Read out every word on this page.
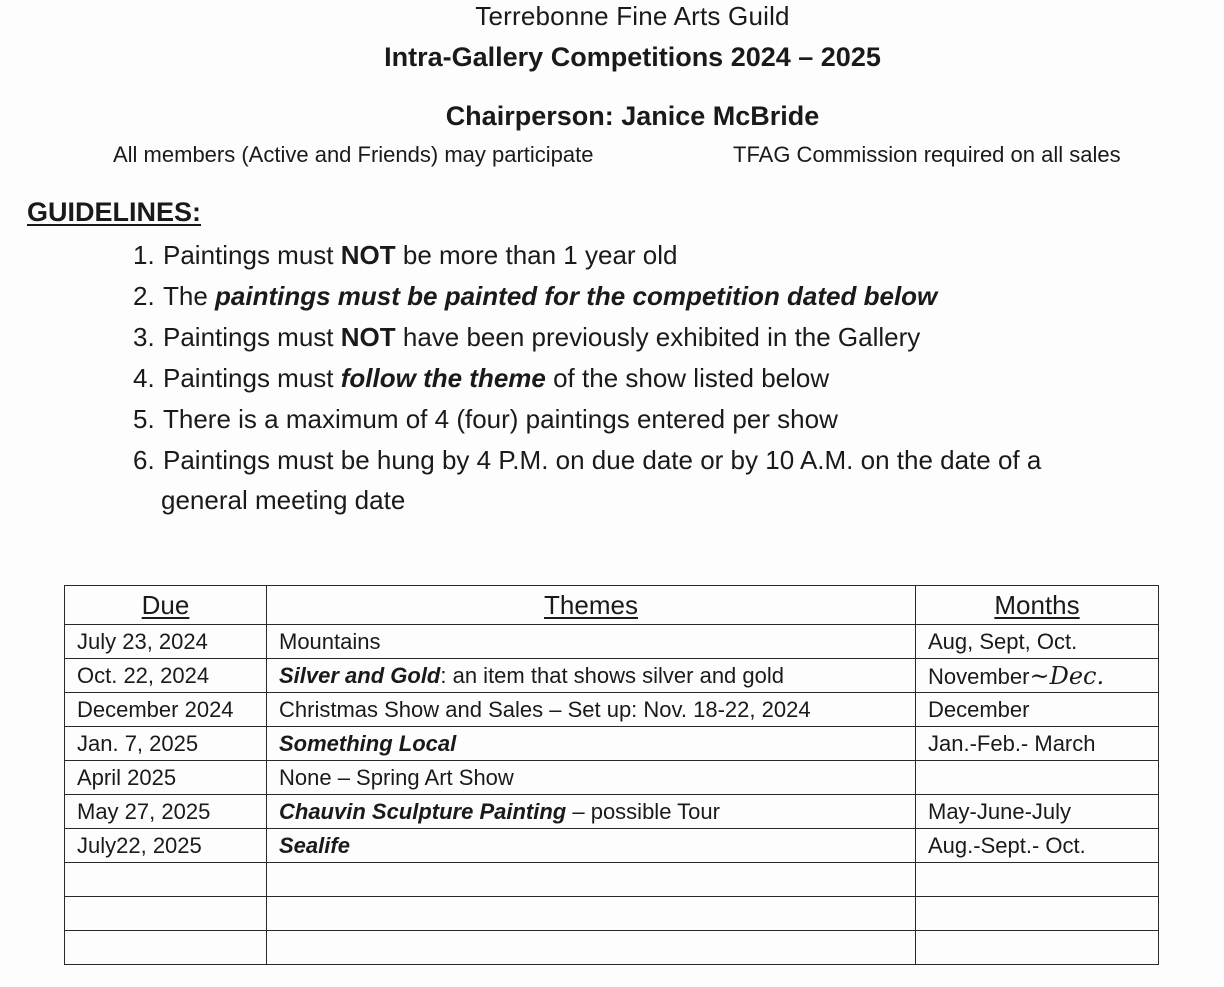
Terrebonne Fine Arts Guild
Intra-Gallery Competitions 2024 – 2025
Chairperson: Janice McBride
All members (Active and Friends) may participate	TFAG Commission required on all sales
GUIDELINES:
1. Paintings must NOT be more than 1 year old
2. The paintings must be painted for the competition dated below
3. Paintings must NOT have been previously exhibited in the Gallery
4. Paintings must follow the theme of the show listed below
5. There is a maximum of 4 (four) paintings entered per show
6. Paintings must be hung by 4 P.M. on due date or by 10 A.M. on the date of a
general meeting date
Due	Themes	Months
July 23, 2024	Mountains	Aug, Sept, Oct.
Oct. 22, 2024	Silver and Gold: an item that shows silver and gold	November~Dec.
December 2024	Christmas Show and Sales – Set up: Nov. 18-22, 2024	December
Jan. 7, 2025	Something Local	Jan.-Feb.- March
April 2025	None – Spring Art Show	
May 27, 2025	Chauvin Sculpture Painting – possible Tour	May-June-July
July22, 2025	Sealife	Aug.-Sept.- Oct.
